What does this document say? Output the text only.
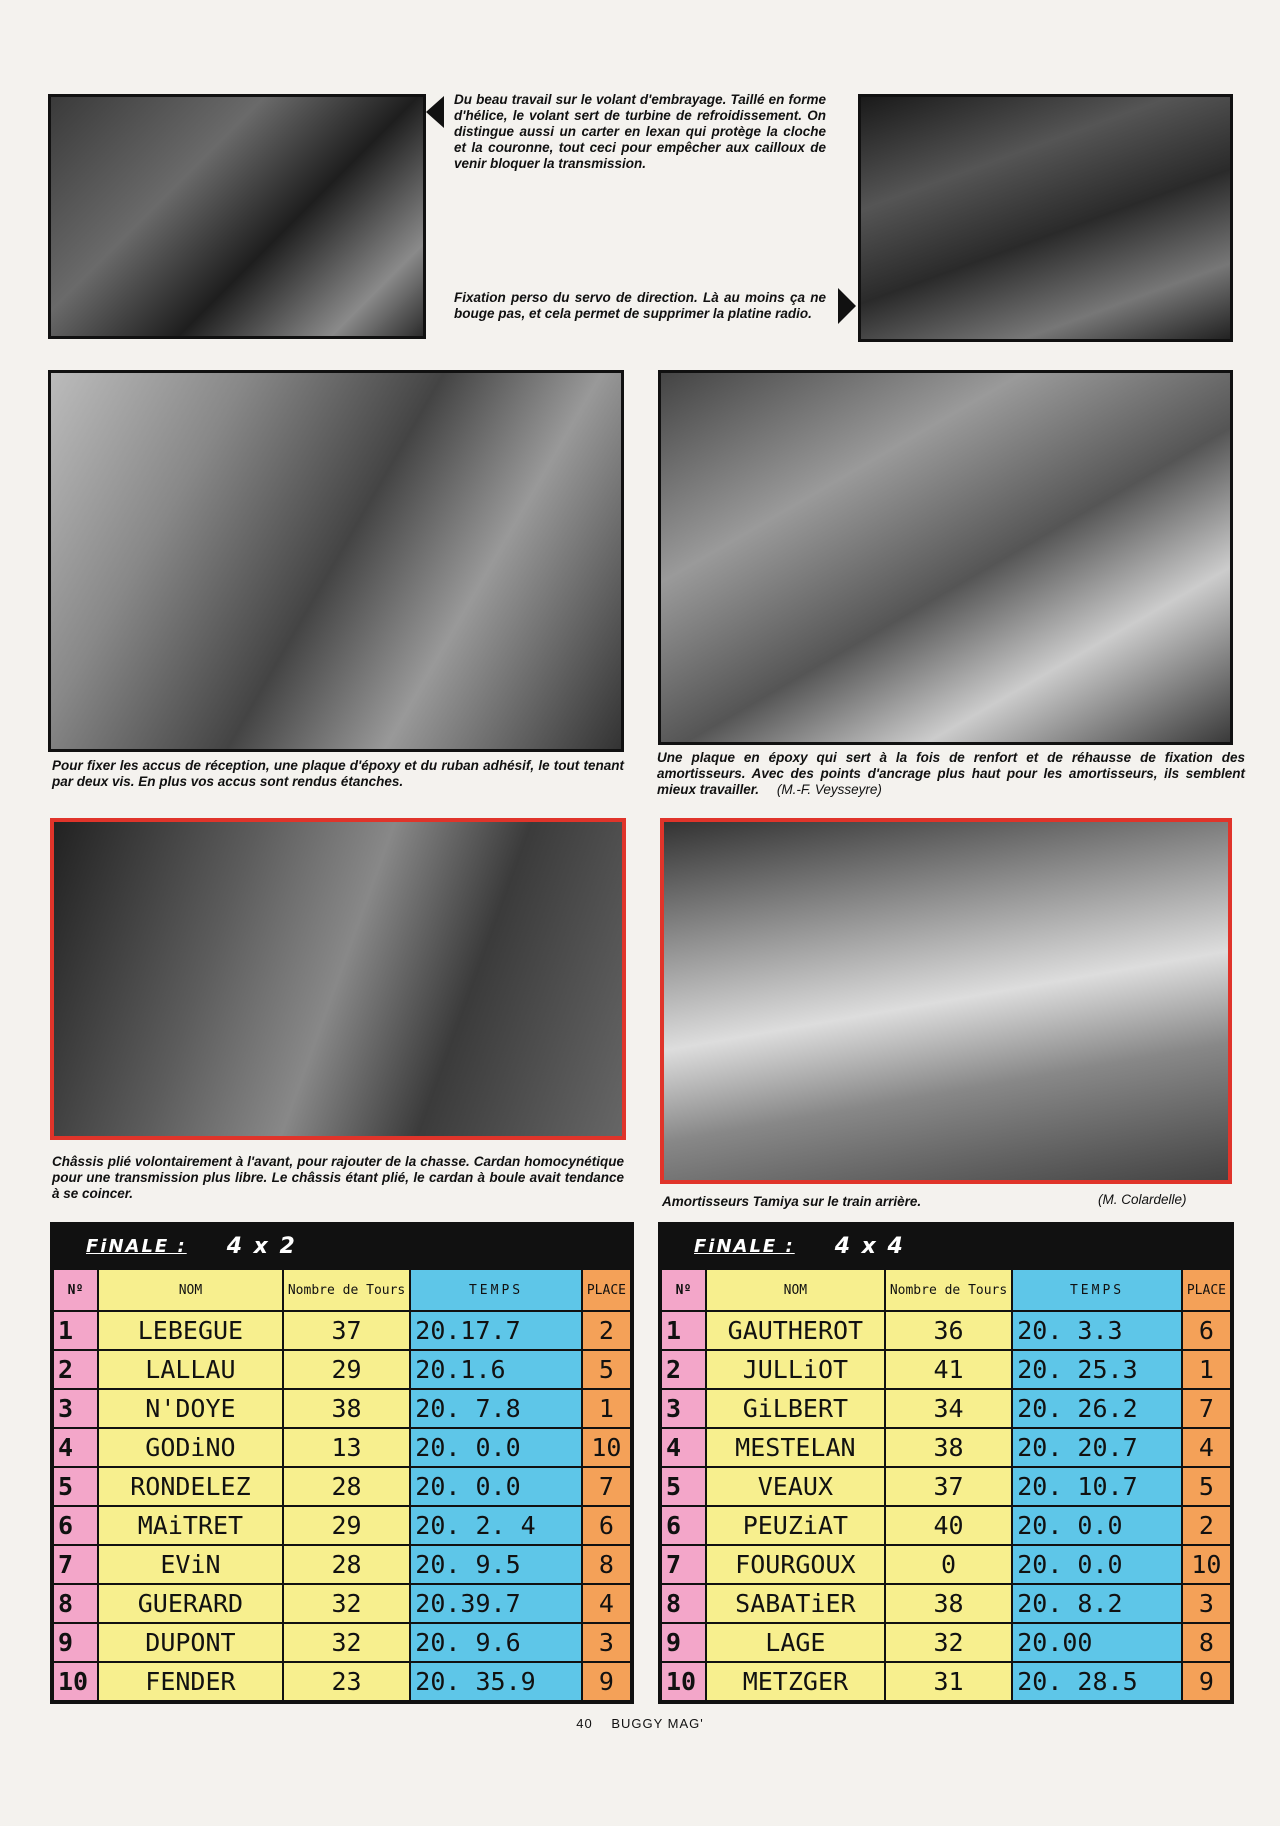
Du beau travail sur le volant d'embrayage. Taillé en forme d'hélice, le volant sert de turbine de refroidissement. On distingue aussi un carter en lexan qui protège la cloche et la couronne, tout ceci pour empêcher aux cailloux de venir bloquer la transmission.
Fixation perso du servo de direction. Là au moins ça ne bouge pas, et cela permet de supprimer la platine radio.
Pour fixer les accus de réception, une plaque d'époxy et du ruban adhésif, le tout tenant par deux vis. En plus vos accus sont rendus étanches.
Une plaque en époxy qui sert à la fois de renfort et de réhausse de fixation des amortisseurs. Avec des points d'ancrage plus haut pour les amortisseurs, ils semblent mieux travailler. (M.-F. Veysseyre)
Châssis plié volontairement à l'avant, pour rajouter de la chasse. Cardan homocynétique pour une transmission plus libre. Le châssis étant plié, le cardan à boule avait tendance à se coincer.
Amortisseurs Tamiya sur le train arrière.	(M. Colardelle)
FiNALE : 4 x 2
Nº	NOM	Nombre de Tours	TEMPS	PLACE
1	LEBEGUE	37	20.17.7	2
2	LALLAU	29	20.1.6	5
3	N'DOYE	38	20. 7.8	1
4	GODiNO	13	20. 0.0	10
5	RONDELEZ	28	20. 0.0	7
6	MAiTRET	29	20. 2. 4	6
7	EViN	28	20. 9.5	8
8	GUERARD	32	20.39.7	4
9	DUPONT	32	20. 9.6	3
10	FENDER	23	20. 35.9	9
FiNALE : 4 x 4
Nº	NOM	Nombre de Tours	TEMPS	PLACE
1	GAUTHEROT	36	20. 3.3	6
2	JULLiOT	41	20. 25.3	1
3	GiLBERT	34	20. 26.2	7
4	MESTELAN	38	20. 20.7	4
5	VEAUX	37	20. 10.7	5
6	PEUZiAT	40	20. 0.0	2
7	FOURGOUX	0	20. 0.0	10
8	SABATiER	38	20. 8.2	3
9	LAGE	32	20.00	8
10	METZGER	31	20. 28.5	9
40 BUGGY MAG'
